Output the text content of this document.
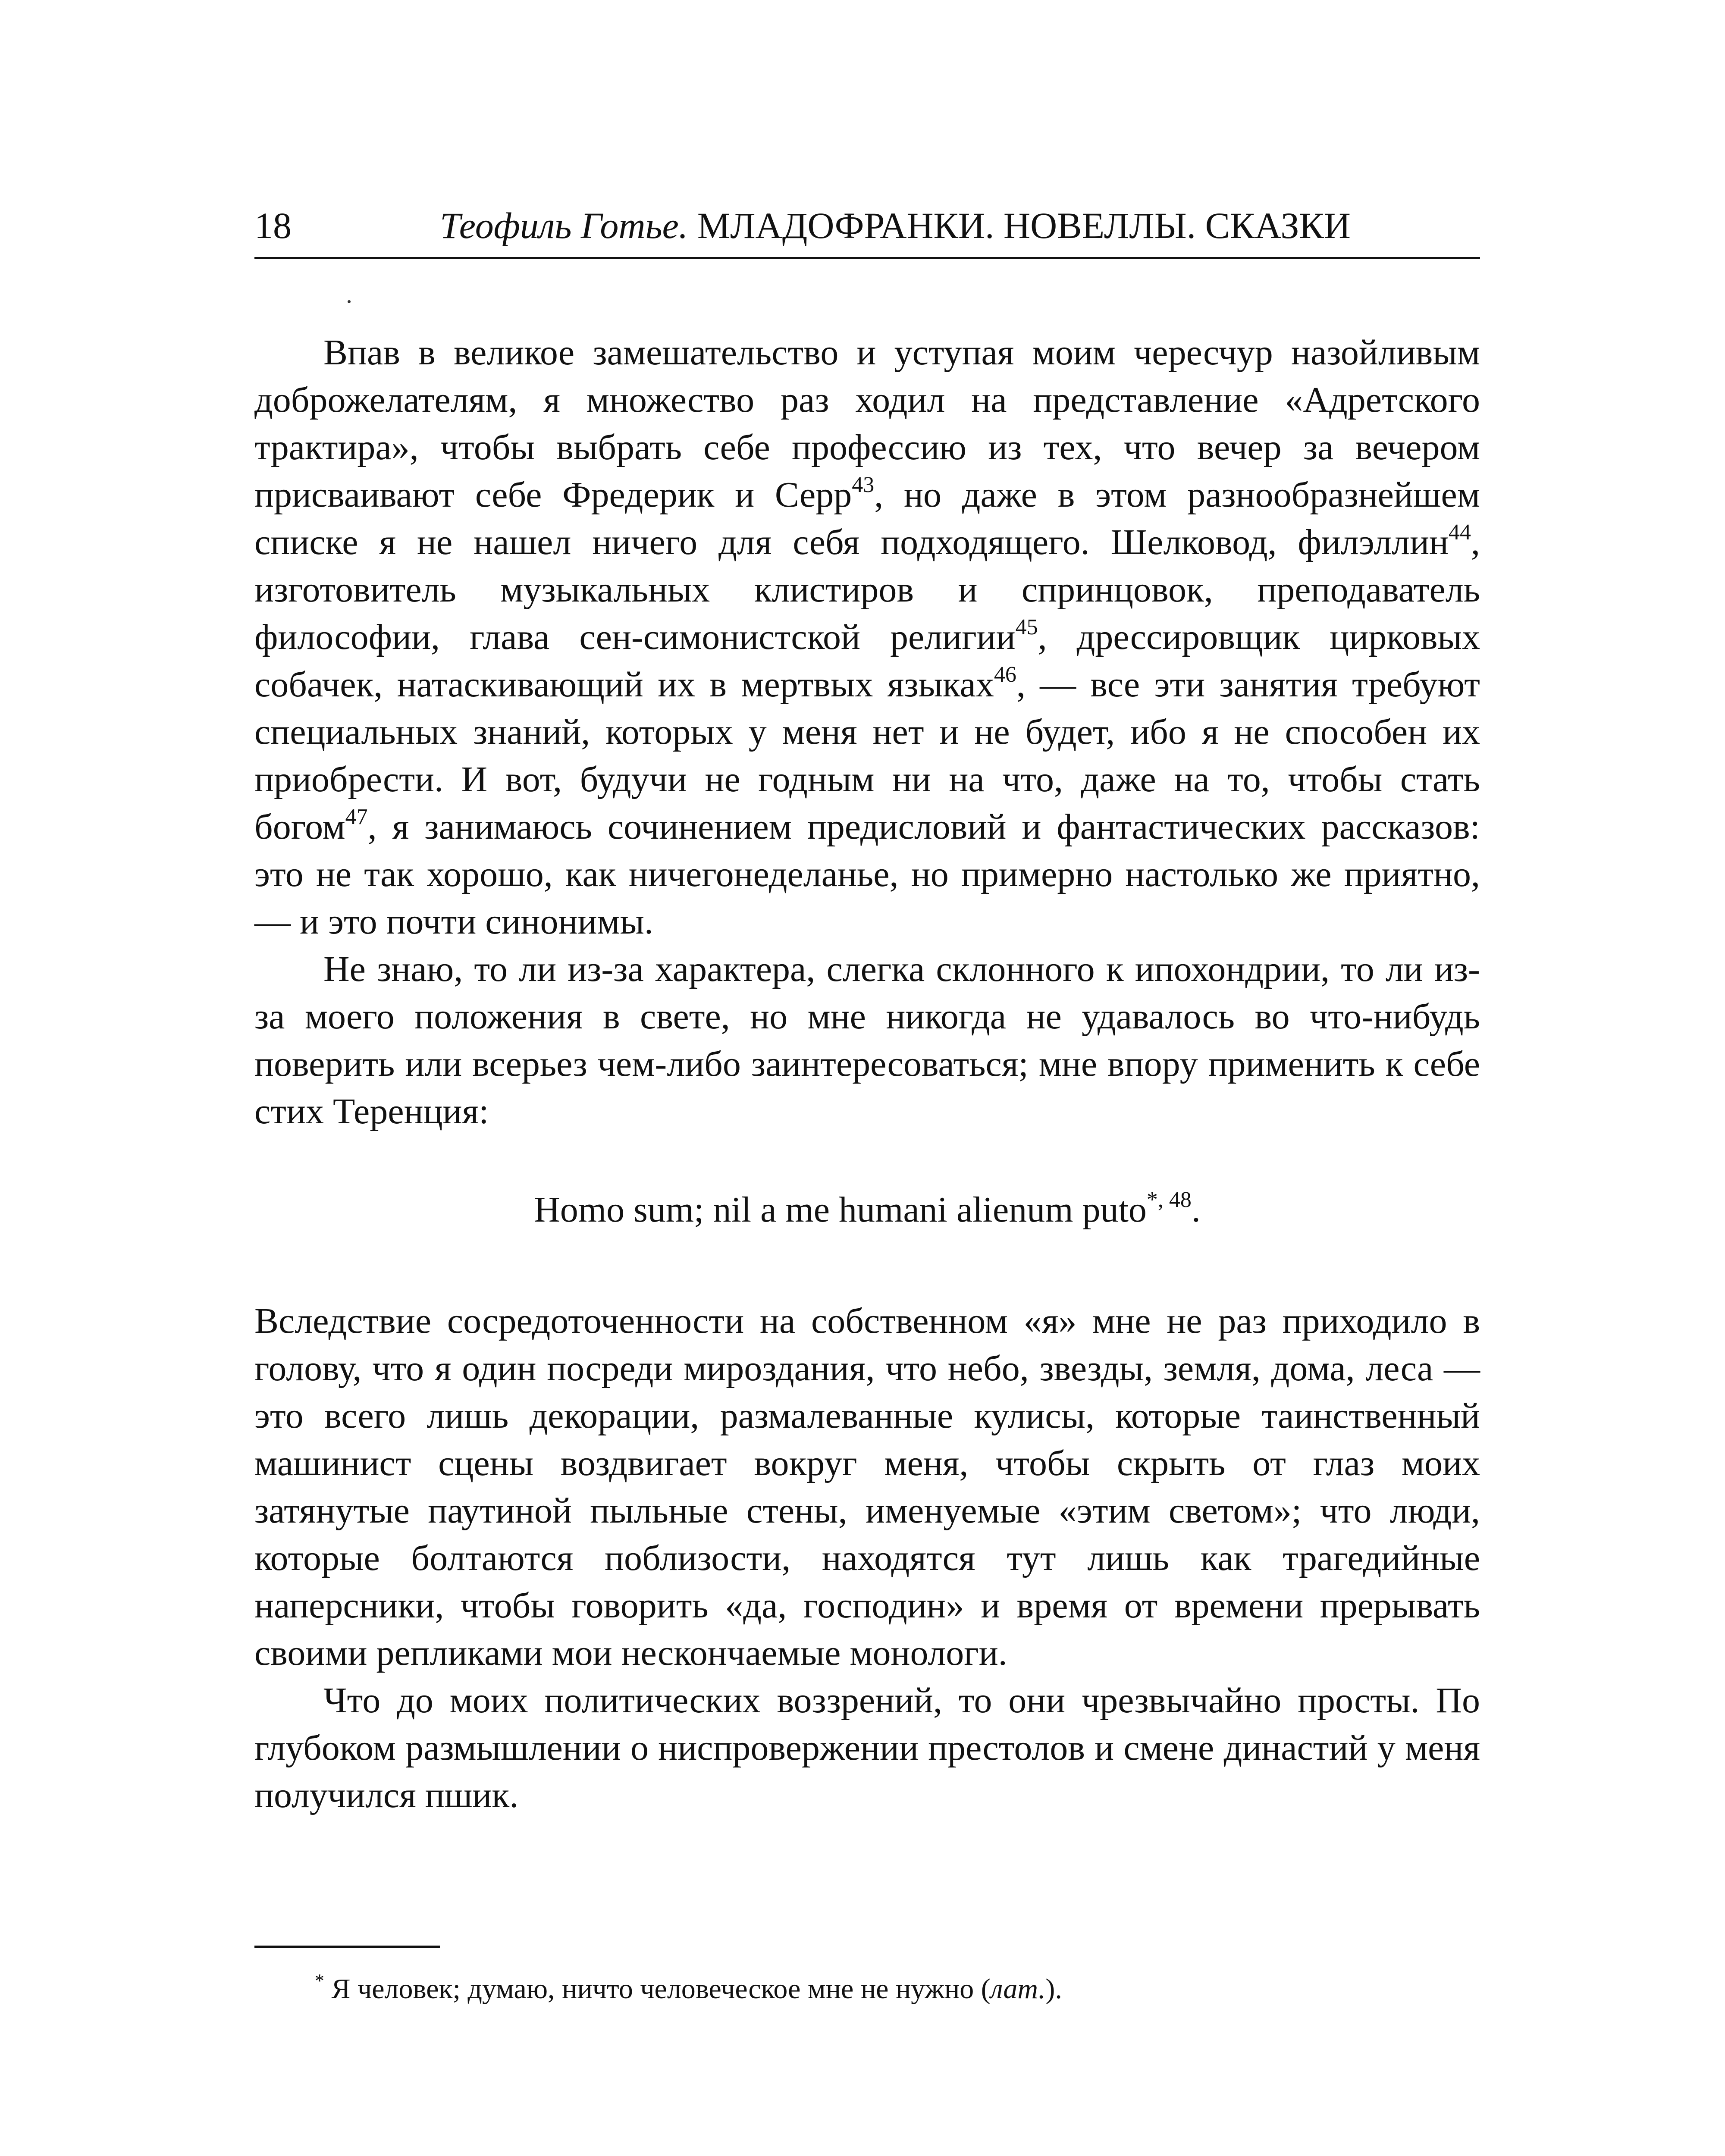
18	Теофиль Готье. МЛАДОФРАНКИ. НОВЕЛЛЫ. СКАЗКИ

Впав в великое замешательство и уступая моим чересчур назойливым доброжелателям, я множество раз ходил на представление «Адретского трактира», чтобы выбрать себе профессию из тех, что вечер за вечером присваивают себе Фредерик и Серр$^{43}$, но даже в этом разнообразнейшем списке я не нашел ничего для себя подходящего. Шелковод, филэллин$^{44}$, изготовитель музыкальных клистиров и спринцовок, преподаватель философии, глава сен-симонистской религии$^{45}$, дрессировщик цирковых собачек, натаскивающий их в мертвых языках$^{46}$, — все эти занятия требуют специальных знаний, которых у меня нет и не будет, ибо я не способен их приобрести. И вот, будучи не годным ни на что, даже на то, чтобы стать богом$^{47}$, я занимаюсь сочинением предисловий и фантастических рассказов: это не так хорошо, как ничегонеделанье, но примерно настолько же приятно, — и это почти синонимы.

Не знаю, то ли из-за характера, слегка склонного к ипохондрии, то ли из-за моего положения в свете, но мне никогда не удавалось во что-нибудь поверить или всерьез чем-либо заинтересоваться; мне впору применить к себе стих Теренция:

Homo sum; nil a me humani alienum puto$^{*, 48}$.

Вследствие сосредоточенности на собственном «я» мне не раз приходило в голову, что я один посреди мироздания, что небо, звезды, земля, дома, леса — это всего лишь декорации, размалеванные кулисы, которые таинственный машинист сцены воздвигает вокруг меня, чтобы скрыть от глаз моих затянутые паутиной пыльные стены, именуемые «этим светом»; что люди, которые болтаются поблизости, находятся тут лишь как трагедийные наперсники, чтобы говорить «да, господин» и время от времени прерывать своими репликами мои нескончаемые монологи.

Что до моих политических воззрений, то они чрезвычайно просты. По глубоком размышлении о ниспровержении престолов и смене династий у меня получился пшик.

* Я человек; думаю, ничто человеческое мне не нужно (лат.).
